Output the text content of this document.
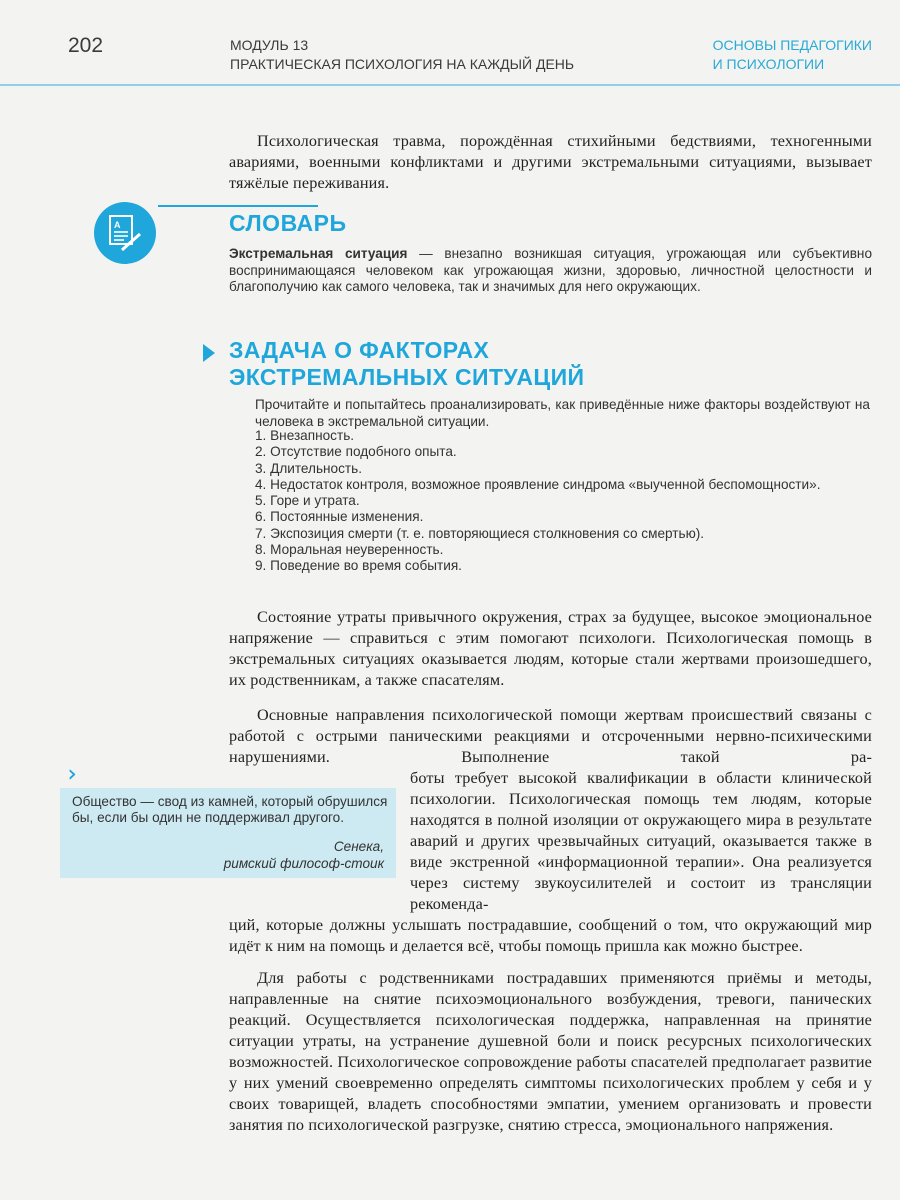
202	МОДУЛЬ 13
ПРАКТИЧЕСКАЯ ПСИХОЛОГИЯ НА КАЖДЫЙ ДЕНЬ
ОСНОВЫ ПЕДАГОГИКИ
И ПСИХОЛОГИИ
Психологическая травма, порождённая стихийными бедствиями, техногенными авариями, военными конфликтами и другими экстремальными ситуациями, вызывает тяжёлые переживания.
A	СЛОВАРЬ
Экстремальная ситуация — внезапно возникшая ситуация, угрожающая или субъективно воспринимающаяся человеком как угрожающая жизни, здоровью, личностной целостности и благополучию как самого человека, так и значимых для него окружающих.
ЗАДАЧА О ФАКТОРАХ
ЭКСТРЕМАЛЬНЫХ СИТУАЦИЙ
Прочитайте и попытайтесь проанализировать, как приведённые ниже факторы воздействуют на человека в экстремальной ситуации.
1. Внезапность.
2. Отсутствие подобного опыта.
3. Длительность.
4. Недостаток контроля, возможное проявление синдрома «выученной беспомощности».
5. Горе и утрата.
6. Постоянные изменения.
7. Экспозиция смерти (т. е. повторяющиеся столкновения со смертью).
8. Моральная неуверенность.
9. Поведение во время события.
Состояние утраты привычного окружения, страх за будущее, высокое эмоциональное напряжение — справиться с этим помогают психологи. Психологическая помощь в экстремальных ситуациях оказывается людям, которые стали жертвами произошедшего, их родственникам, а также спасателям.
Основные направления психологической помощи жертвам происшествий связаны с работой с острыми паническими реакциями и отсроченными нервно-психическими нарушениями. Выполнение такой ра-
боты требует высокой квалификации в области клинической психологии. Психологическая помощь тем людям, которые находятся в полной изоляции от окружающего мира в результате аварий и других чрезвычайных ситуаций, оказывается также в виде экстренной «информационной терапии». Она реализуется через систему звукоусилителей и состоит из трансляции рекоменда-
ций, которые должны услышать пострадавшие, сообщений о том, что окружающий мир идёт к ним на помощь и делается всё, чтобы помощь пришла как можно быстрее.
Для работы с родственниками пострадавших применяются приёмы и методы, направленные на снятие психоэмоционального возбуждения, тревоги, панических реакций. Осуществляется психологическая поддержка, направленная на принятие ситуации утраты, на устранение душевной боли и поиск ресурсных психологических возможностей. Психологическое сопровождение работы спасателей предполагает развитие у них умений своевременно определять симптомы психологических проблем у себя и у своих товарищей, владеть способностями эмпатии, умением организовать и провести занятия по психологической разгрузке, снятию стресса, эмоционального напряжения.
Общество — свод из камней, который обрушился бы, если бы один не поддерживал другого.
Сенека,
римский философ-стоик
